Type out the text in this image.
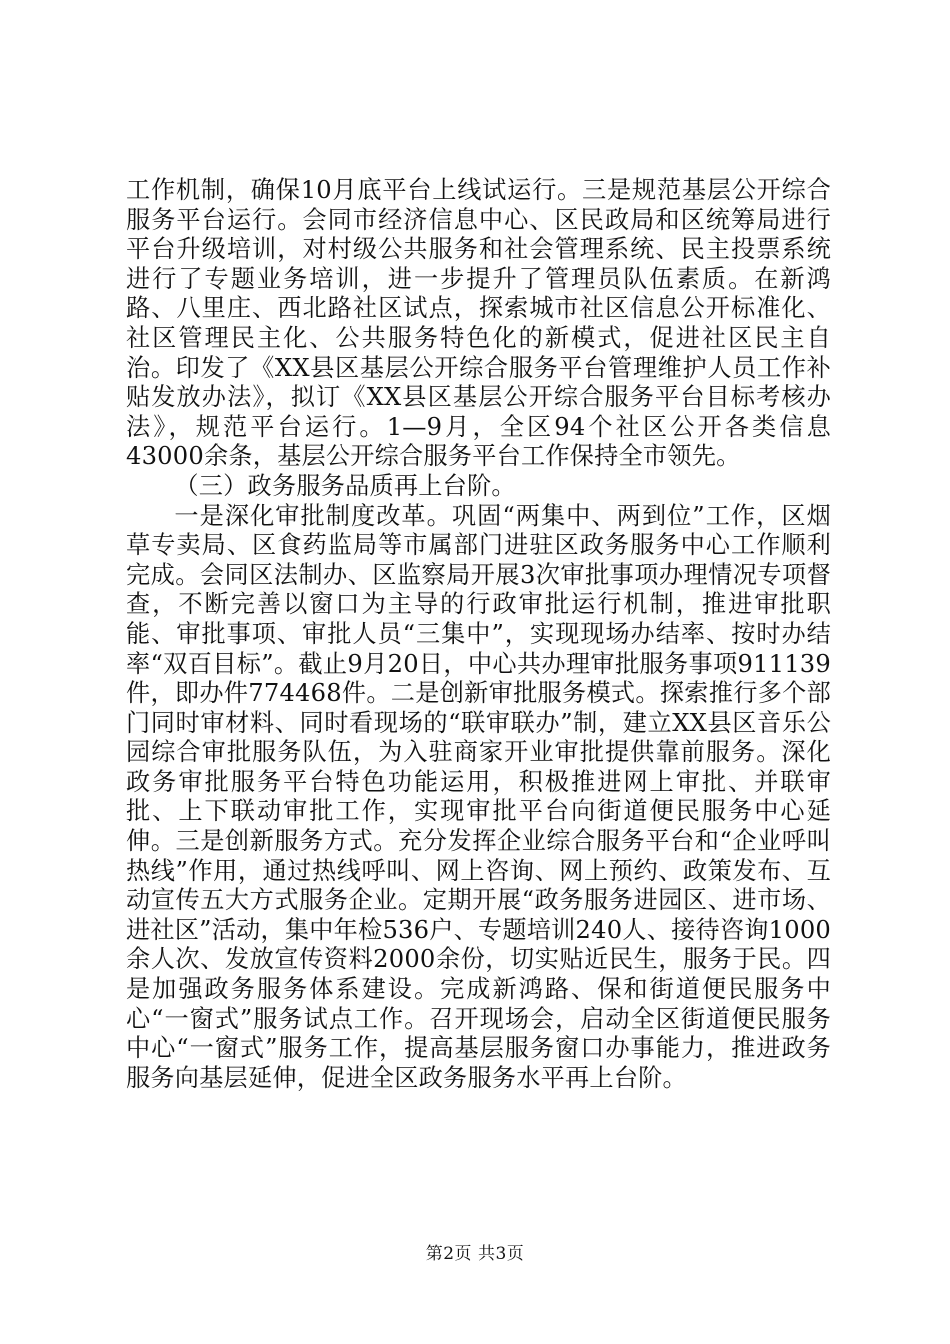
工作机制，确保10月底平台上线试运行。三是规范基层公开综合服务平台运行。会同市经济信息中心、区民政局和区统筹局进行平台升级培训，对村级公共服务和社会管理系统、民主投票系统进行了专题业务培训，进一步提升了管理员队伍素质。在新鸿路、八里庄、西北路社区试点，探索城市社区信息公开标准化、社区管理民主化、公共服务特色化的新模式，促进社区民主自治。印发了《XX县区基层公开综合服务平台管理维护人员工作补贴发放办法》，拟订《XX县区基层公开综合服务平台目标考核办法》，规范平台运行。1—9月，全区94个社区公开各类信息43000余条，基层公开综合服务平台工作保持全市领先。

（三）政务服务品质再上台阶。

一是深化审批制度改革。巩固“两集中、两到位”工作，区烟草专卖局、区食药监局等市属部门进驻区政务服务中心工作顺利完成。会同区法制办、区监察局开展3次审批事项办理情况专项督查，不断完善以窗口为主导的行政审批运行机制，推进审批职能、审批事项、审批人员“三集中”，实现现场办结率、按时办结率“双百目标”。截止9月20日，中心共办理审批服务事项911139件，即办件774468件。二是创新审批服务模式。探索推行多个部门同时审材料、同时看现场的“联审联办”制，建立XX县区音乐公园综合审批服务队伍，为入驻商家开业审批提供靠前服务。深化政务审批服务平台特色功能运用，积极推进网上审批、并联审批、上下联动审批工作，实现审批平台向街道便民服务中心延伸。三是创新服务方式。充分发挥企业综合服务平台和“企业呼叫热线”作用，通过热线呼叫、网上咨询、网上预约、政策发布、互动宣传五大方式服务企业。定期开展“政务服务进园区、进市场、进社区”活动，集中年检536户、专题培训240人、接待咨询1000余人次、发放宣传资料2000余份，切实贴近民生，服务于民。四是加强政务服务体系建设。完成新鸿路、保和街道便民服务中心“一窗式”服务试点工作。召开现场会，启动全区街道便民服务中心“一窗式”服务工作，提高基层服务窗口办事能力，推进政务服务向基层延伸，促进全区政务服务水平再上台阶。

第2页 共3页
